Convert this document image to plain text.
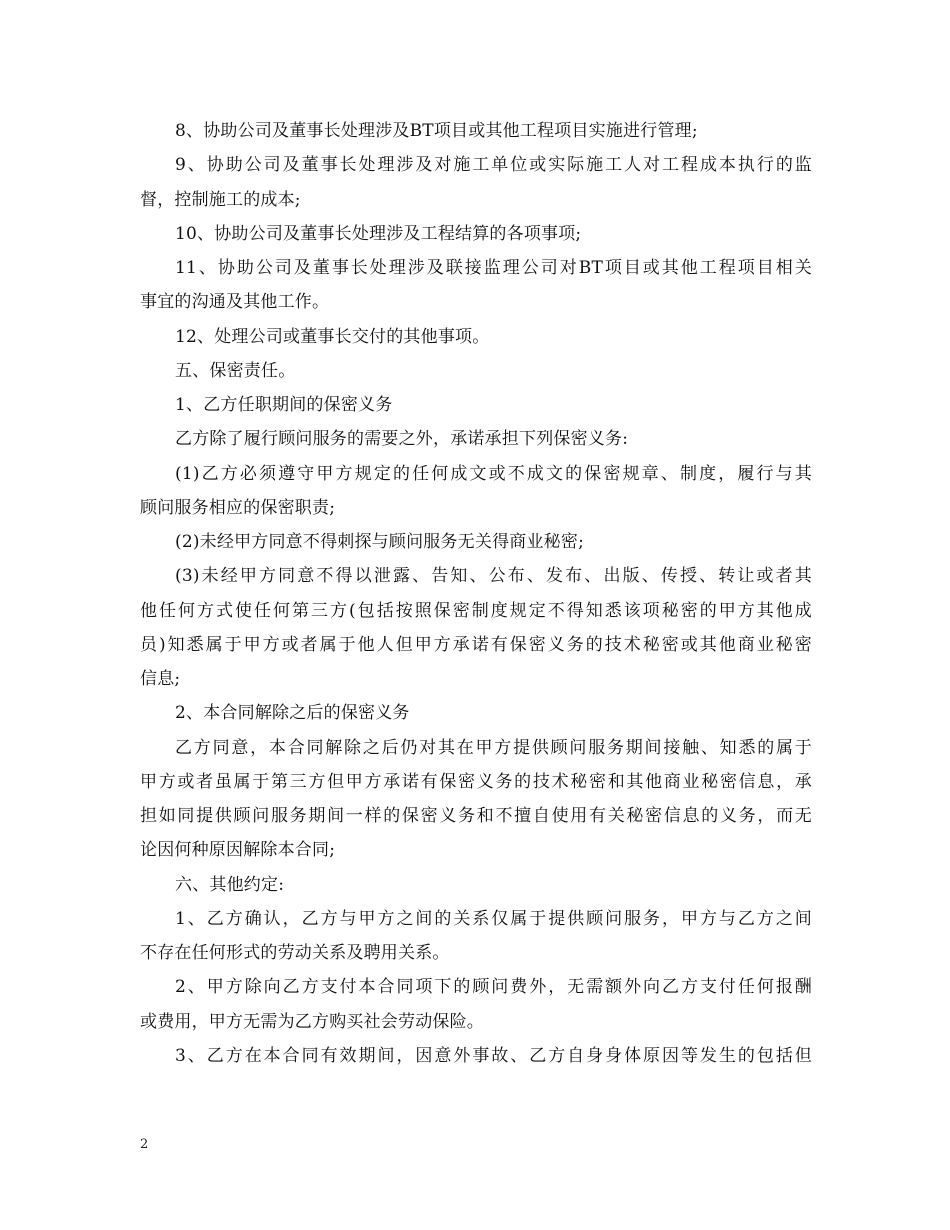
8、协助公司及董事长处理涉及BT项目或其他工程项目实施进行管理;
9、协助公司及董事长处理涉及对施工单位或实际施工人对工程成本执行的监
督，控制施工的成本;
10、协助公司及董事长处理涉及工程结算的各项事项;
11、协助公司及董事长处理涉及联接监理公司对BT项目或其他工程项目相关
事宜的沟通及其他工作。
12、处理公司或董事长交付的其他事项。
五、保密责任。
1、乙方任职期间的保密义务
乙方除了履行顾问服务的需要之外，承诺承担下列保密义务:
(1)乙方必须遵守甲方规定的任何成文或不成文的保密规章、制度，履行与其
顾问服务相应的保密职责;
(2)未经甲方同意不得刺探与顾问服务无关得商业秘密;
(3)未经甲方同意不得以泄露、告知、公布、发布、出版、传授、转让或者其
他任何方式使任何第三方(包括按照保密制度规定不得知悉该项秘密的甲方其他成
员)知悉属于甲方或者属于他人但甲方承诺有保密义务的技术秘密或其他商业秘密
信息;
2、本合同解除之后的保密义务
乙方同意，本合同解除之后仍对其在甲方提供顾问服务期间接触、知悉的属于
甲方或者虽属于第三方但甲方承诺有保密义务的技术秘密和其他商业秘密信息，承
担如同提供顾问服务期间一样的保密义务和不擅自使用有关秘密信息的义务，而无
论因何种原因解除本合同;
六、其他约定:
1、乙方确认，乙方与甲方之间的关系仅属于提供顾问服务，甲方与乙方之间
不存在任何形式的劳动关系及聘用关系。
2、甲方除向乙方支付本合同项下的顾问费外，无需额外向乙方支付任何报酬
或费用，甲方无需为乙方购买社会劳动保险。
3、乙方在本合同有效期间，因意外事故、乙方自身身体原因等发生的包括但
2
